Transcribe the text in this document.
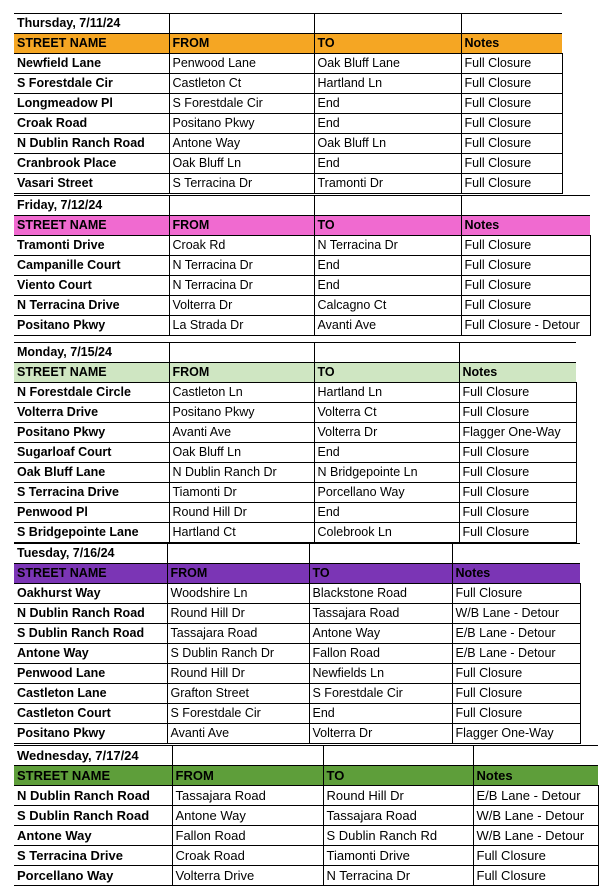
Thursday, 7/11/24			
STREET NAME	FROM	TO	Notes
Newfield Lane	Penwood Lane	Oak Bluff Lane	Full Closure
S Forestdale Cir	Castleton Ct	Hartland Ln	Full Closure
Longmeadow Pl	S Forestdale Cir	End	Full Closure
Croak Road	Positano Pkwy	End	Full Closure
N Dublin Ranch Road	Antone Way	Oak Bluff Ln	Full Closure
Cranbrook Place	Oak Bluff Ln	End	Full Closure
Vasari Street	S Terracina Dr	Tramonti Dr	Full Closure
Friday, 7/12/24			
STREET NAME	FROM	TO	Notes
Tramonti Drive	Croak Rd	N Terracina Dr	Full Closure
Campanille Court	N Terracina Dr	End	Full Closure
Viento Court	N Terracina Dr	End	Full Closure
N Terracina Drive	Volterra Dr	Calcagno Ct	Full Closure
Positano Pkwy	La Strada Dr	Avanti Ave	Full Closure - Detour
Monday, 7/15/24			
STREET NAME	FROM	TO	Notes
N Forestdale Circle	Castleton Ln	Hartland Ln	Full Closure
Volterra Drive	Positano Pkwy	Volterra Ct	Full Closure
Positano Pkwy	Avanti Ave	Volterra Dr	Flagger One-Way
Sugarloaf Court	Oak Bluff Ln	End	Full Closure
Oak Bluff Lane	N Dublin Ranch Dr	N Bridgepointe Ln	Full Closure
S Terracina Drive	Tiamonti Dr	Porcellano Way	Full Closure
Penwood Pl	Round Hill Dr	End	Full Closure
S Bridgepointe Lane	Hartland Ct	Colebrook Ln	Full Closure
Tuesday, 7/16/24			
STREET NAME	FROM	TO	Notes
Oakhurst Way	Woodshire Ln	Blackstone Road	Full Closure
N Dublin Ranch Road	Round Hill Dr	Tassajara Road	W/B Lane - Detour
S Dublin Ranch Road	Tassajara Road	Antone Way	E/B Lane - Detour
Antone Way	S Dublin Ranch Dr	Fallon Road	E/B Lane - Detour
Penwood Lane	Round Hill Dr	Newfields Ln	Full Closure
Castleton Lane	Grafton Street	S Forestdale Cir	Full Closure
Castleton Court	S Forestdale Cir	End	Full Closure
Positano Pkwy	Avanti Ave	Volterra Dr	Flagger One-Way
Wednesday, 7/17/24			
STREET NAME	FROM	TO	Notes
N Dublin Ranch Road	Tassajara Road	Round Hill Dr	E/B Lane - Detour
S Dublin Ranch Road	Antone Way	Tassajara Road	W/B Lane - Detour
Antone Way	Fallon Road	S Dublin Ranch Rd	W/B Lane - Detour
S Terracina Drive	Croak Road	Tiamonti Drive	Full Closure
Porcellano Way	Volterra Drive	N Terracina Dr	Full Closure
